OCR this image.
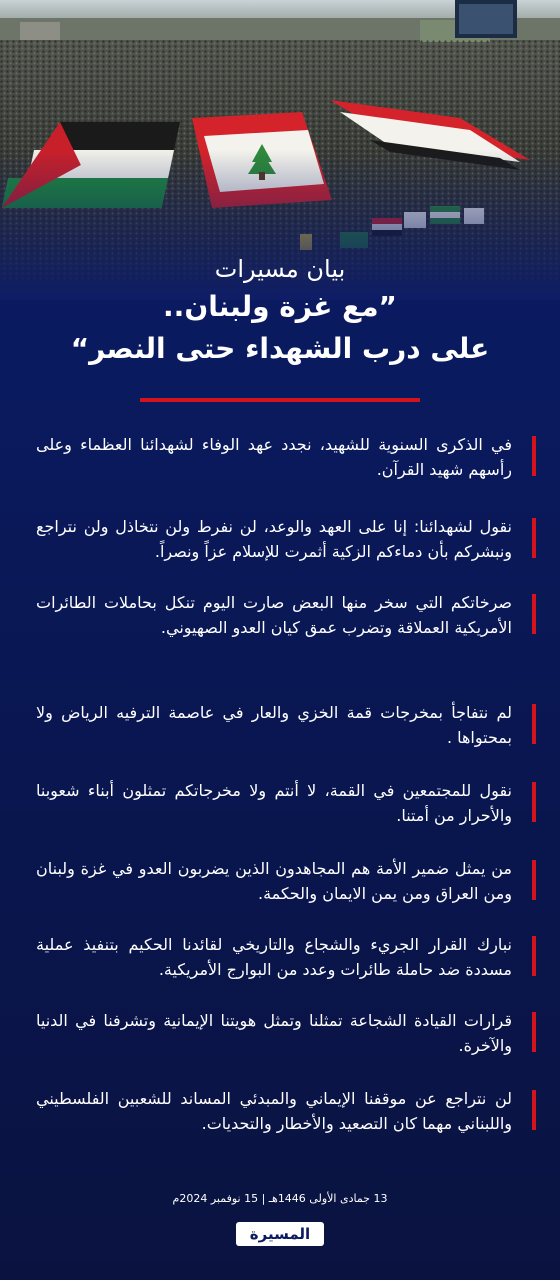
بيان مسيرات

”مع غزة ولبنان..

على درب الشهداء حتى النصر“

في الذكرى السنوية للشهيد، نجدد عهد الوفاء لشهدائنا العظماء وعلى رأسهم شهيد القرآن.

نقول لشهدائنا: إنا على العهد والوعد، لن نفرط ولن نتخاذل ولن نتراجع ونبشركم بأن دماءكم الزكية أثمرت للإسلام عزاً ونصراً.

صرخاتكم التي سخر منها البعض صارت اليوم تنكل بحاملات الطائرات الأمريكية العملاقة وتضرب عمق كيان العدو الصهيوني.

لم نتفاجأ بمخرجات قمة الخزي والعار في عاصمة الترفيه الرياض ولا بمحتواها .

نقول للمجتمعين في القمة، لا أنتم ولا مخرجاتكم تمثلون أبناء شعوبنا والأحرار من أمتنا.

من يمثل ضمير الأمة هم المجاهدون الذين يضربون العدو في غزة ولبنان ومن العراق ومن يمن الايمان والحكمة.

نبارك القرار الجريء والشجاع والتاريخي لقائدنا الحكيم بتنفيذ عملية مسددة ضد حاملة طائرات وعدد من البوارج الأمريكية.

قرارات القيادة الشجاعة تمثلنا وتمثل هويتنا الإيمانية وتشرفنا في الدنيا والآخرة.

لن نتراجع عن موقفنا الإيماني والمبدئي المساند للشعبين الفلسطيني واللبناني مهما كان التصعيد والأخطار والتحديات.

13 جمادى الأولى 1446هـ | 15 نوفمبر 2024م
المسيرة
